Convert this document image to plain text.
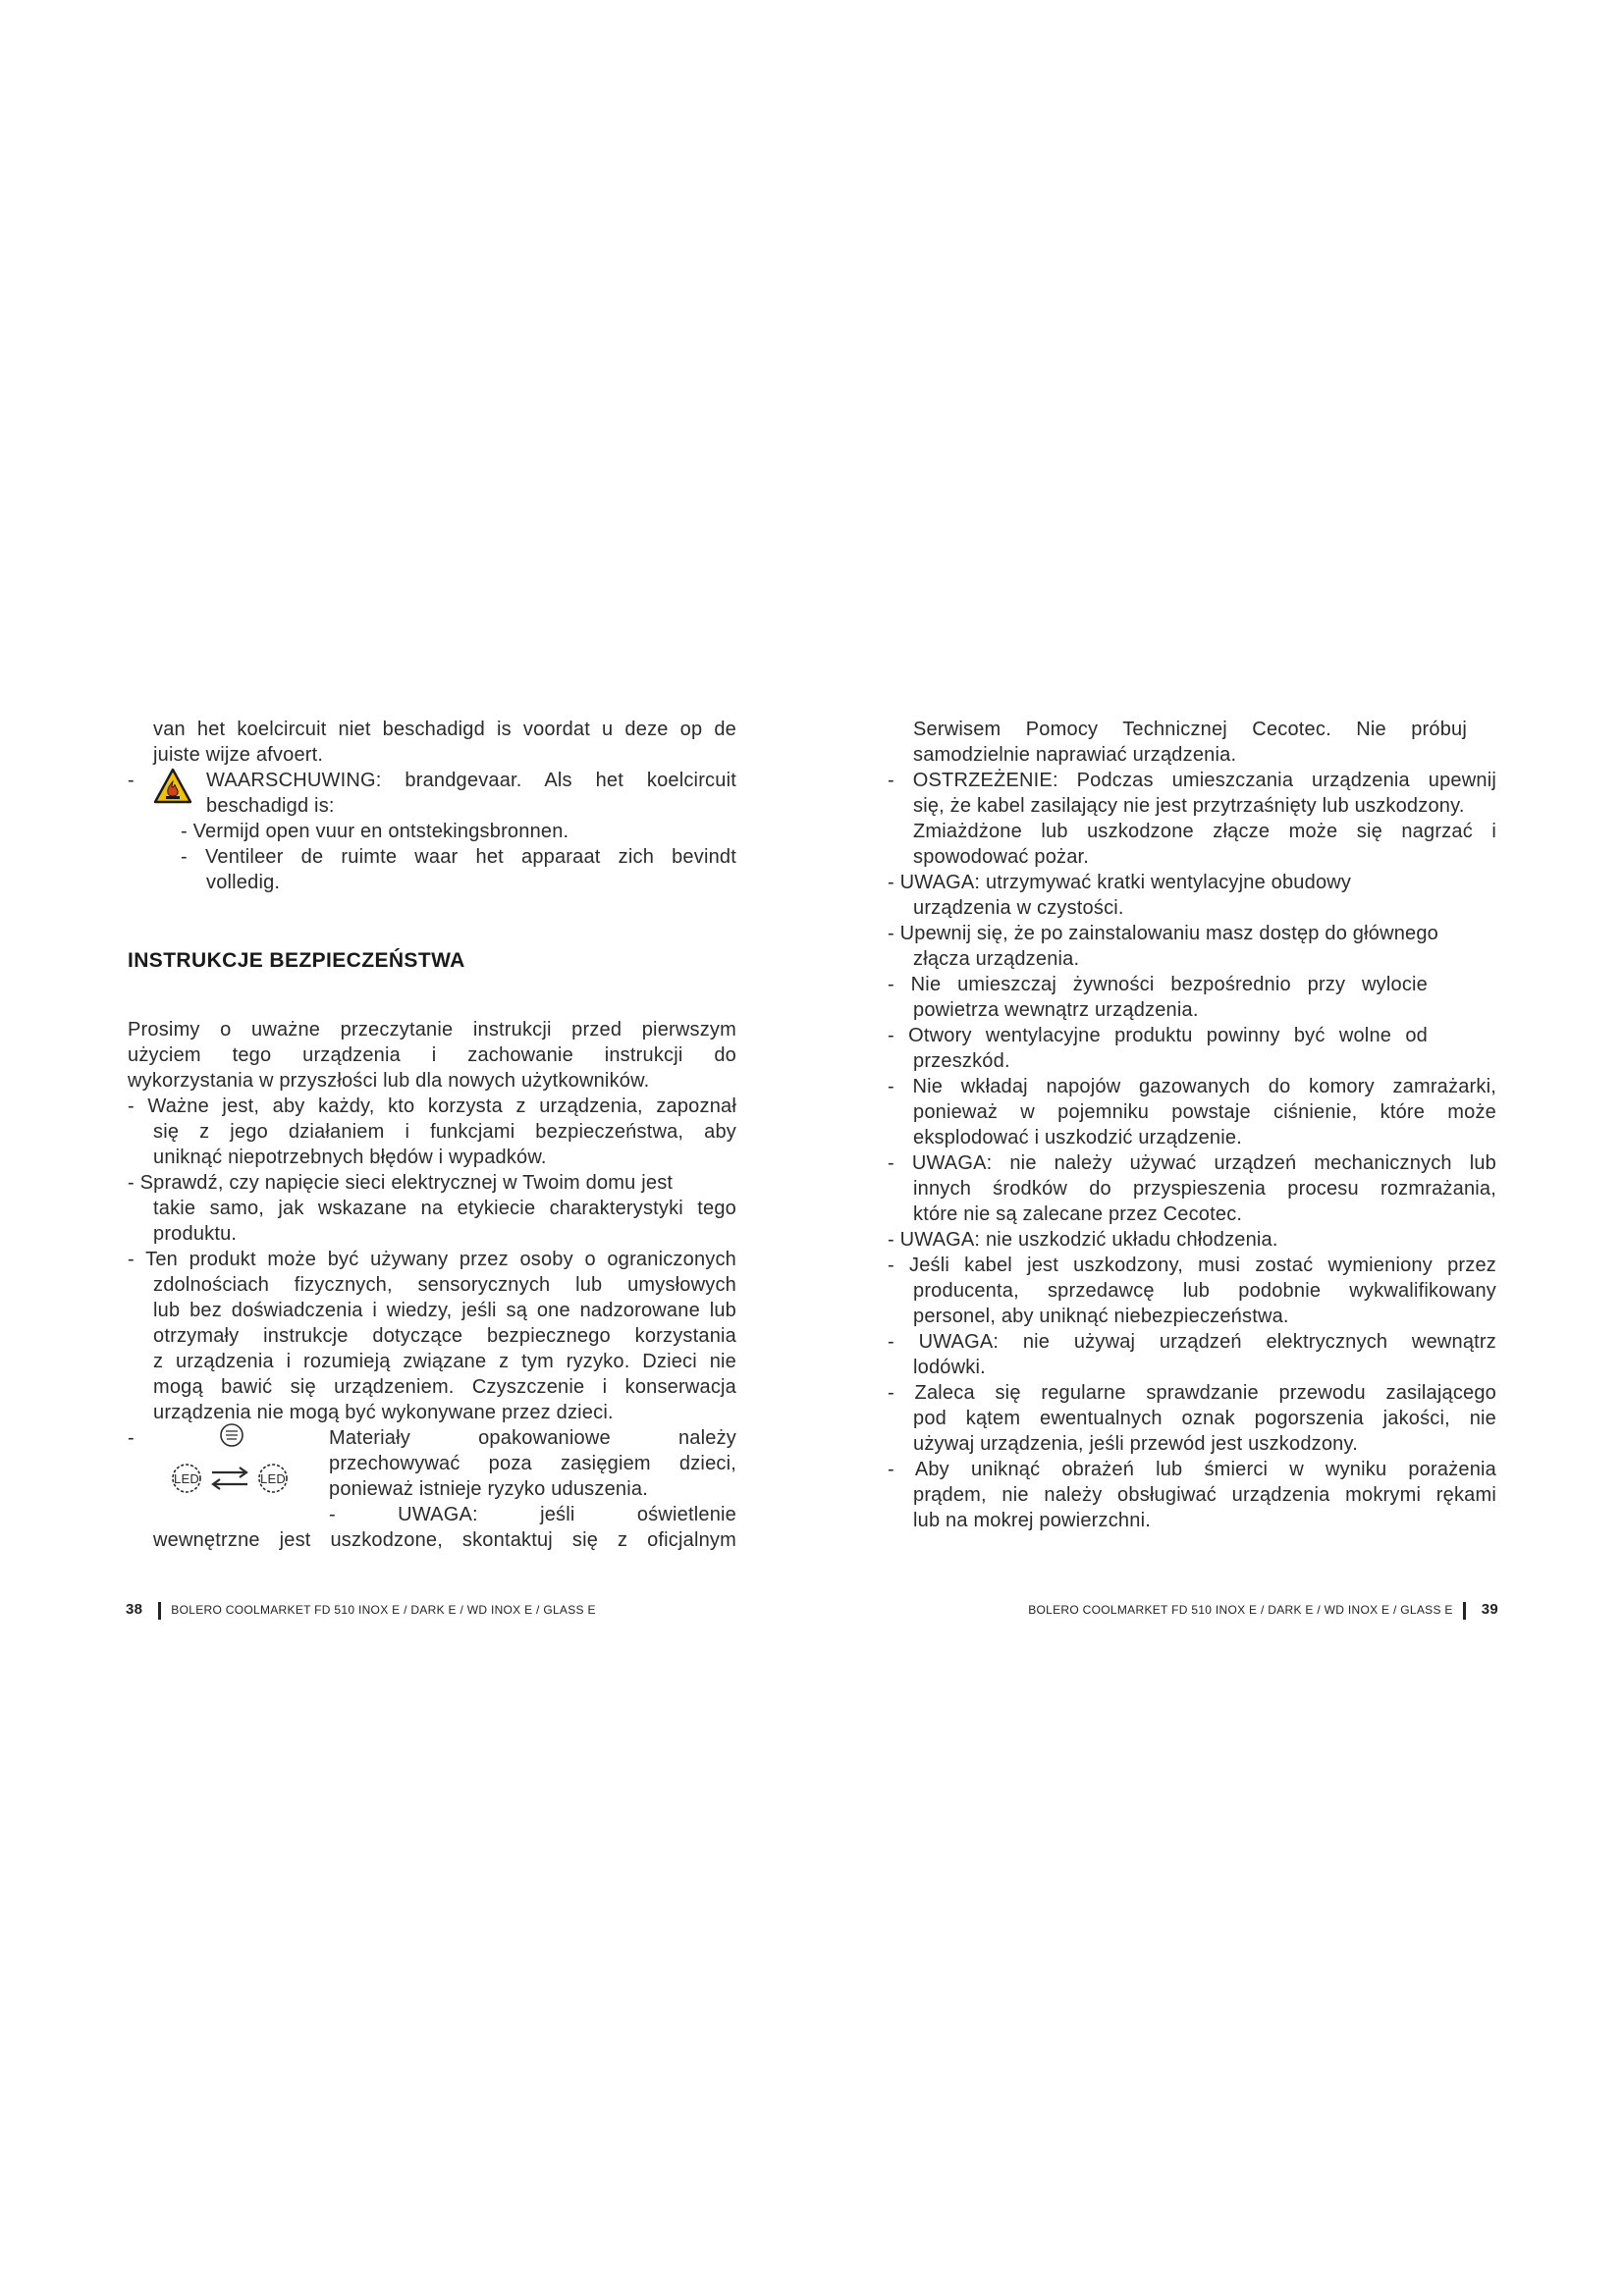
van het koelcircuit niet beschadigd is voordat u deze op de
juiste wijze afvoert.
-	WAARSCHUWING: brandgevaar. Als het koelcircuit
beschadigd is:
- Vermijd open vuur en ontstekingsbronnen.
- Ventileer de ruimte waar het apparaat zich bevindt
volledig.
INSTRUKCJE BEZPIECZEŃSTWA
Prosimy o uważne przeczytanie instrukcji przed pierwszym
użyciem tego urządzenia i zachowanie instrukcji do
wykorzystania w przyszłości lub dla nowych użytkowników.
- Ważne jest, aby każdy, kto korzysta z urządzenia, zapoznał
się z jego działaniem i funkcjami bezpieczeństwa, aby
uniknąć niepotrzebnych błędów i wypadków.
- Sprawdź, czy napięcie sieci elektrycznej w Twoim domu jest
takie samo, jak wskazane na etykiecie charakterystyki tego
produktu.
- Ten produkt może być używany przez osoby o ograniczonych
zdolnościach fizycznych, sensorycznych lub umysłowych
lub bez doświadczenia i wiedzy, jeśli są one nadzorowane lub
otrzymały instrukcje dotyczące bezpiecznego korzystania
z urządzenia i rozumieją związane z tym ryzyko. Dzieci nie
mogą bawić się urządzeniem. Czyszczenie i konserwacja
urządzenia nie mogą być wykonywane przez dzieci.
-
LED	LED
Materiały opakowaniowe należy
przechowywać poza zasięgiem dzieci,
ponieważ istnieje ryzyko uduszenia.
- UWAGA: jeśli oświetlenie
wewnętrzne jest uszkodzone, skontaktuj się z oficjalnym
Serwisem Pomocy Technicznej Cecotec. Nie próbuj
samodzielnie naprawiać urządzenia.
- OSTRZEŻENIE: Podczas umieszczania urządzenia upewnij
się, że kabel zasilający nie jest przytrzaśnięty lub uszkodzony.
Zmiażdżone lub uszkodzone złącze może się nagrzać i
spowodować pożar.
- UWAGA: utrzymywać kratki wentylacyjne obudowy
urządzenia w czystości.
- Upewnij się, że po zainstalowaniu masz dostęp do głównego
złącza urządzenia.
- Nie umieszczaj żywności bezpośrednio przy wylocie
powietrza wewnątrz urządzenia.
- Otwory wentylacyjne produktu powinny być wolne od
przeszkód.
- Nie wkładaj napojów gazowanych do komory zamrażarki,
ponieważ w pojemniku powstaje ciśnienie, które może
eksplodować i uszkodzić urządzenie.
- UWAGA: nie należy używać urządzeń mechanicznych lub
innych środków do przyspieszenia procesu rozmrażania,
które nie są zalecane przez Cecotec.
- UWAGA: nie uszkodzić układu chłodzenia.
- Jeśli kabel jest uszkodzony, musi zostać wymieniony przez
producenta, sprzedawcę lub podobnie wykwalifikowany
personel, aby uniknąć niebezpieczeństwa.
- UWAGA: nie używaj urządzeń elektrycznych wewnątrz
lodówki.
- Zaleca się regularne sprawdzanie przewodu zasilającego
pod kątem ewentualnych oznak pogorszenia jakości, nie
używaj urządzenia, jeśli przewód jest uszkodzony.
- Aby uniknąć obrażeń lub śmierci w wyniku porażenia
prądem, nie należy obsługiwać urządzenia mokrymi rękami
lub na mokrej powierzchni.
38 BOLERO COOLMARKET FD 510 INOX E / DARK E / WD INOX E / GLASS E	BOLERO COOLMARKET FD 510 INOX E / DARK E / WD INOX E / GLASS E 39
